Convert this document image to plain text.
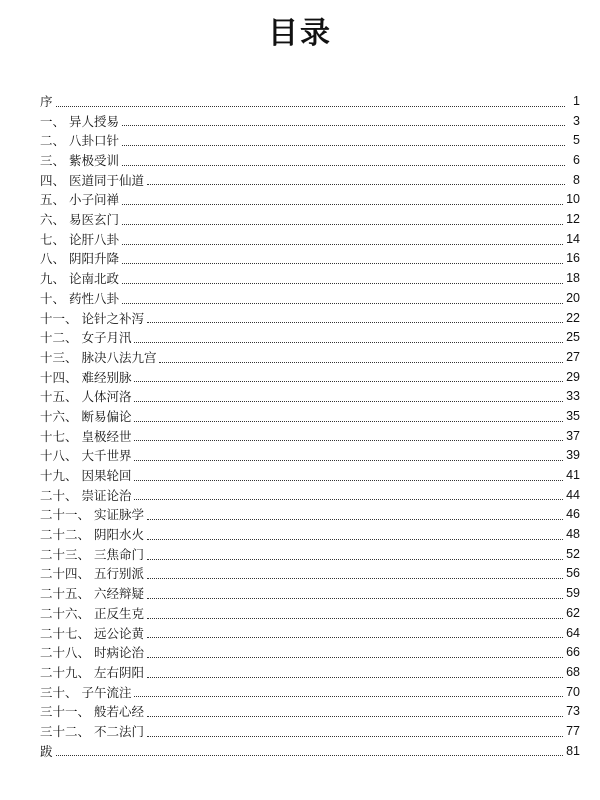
目录
序	1
一、 异人授易	3
二、 八卦口针	5
三、 紫极受训	6
四、 医道同于仙道	8
五、 小子问禅	10
六、 易医玄门	12
七、 论肝八卦	14
八、 阴阳升降	16
九、 论南北政	18
十、 药性八卦	20
十一、 论针之补泻	22
十二、 女子月汛	25
十三、 脉决八法九宫	27
十四、 难经别脉	29
十五、 人体河洛	33
十六、 断易偏论	35
十七、 皇极经世	37
十八、 大千世界	39
十九、 因果轮回	41
二十、 崇证论治	44
二十一、 实证脉学	46
二十二、 阴阳水火	48
二十三、 三焦命门	52
二十四、 五行别派	56
二十五、 六经辩疑	59
二十六、 正反生克	62
二十七、 远公论黄	64
二十八、 时病论治	66
二十九、 左右阴阳	68
三十、 子午流注	70
三十一、 般若心经	73
三十二、 不二法门	77
跋	81
